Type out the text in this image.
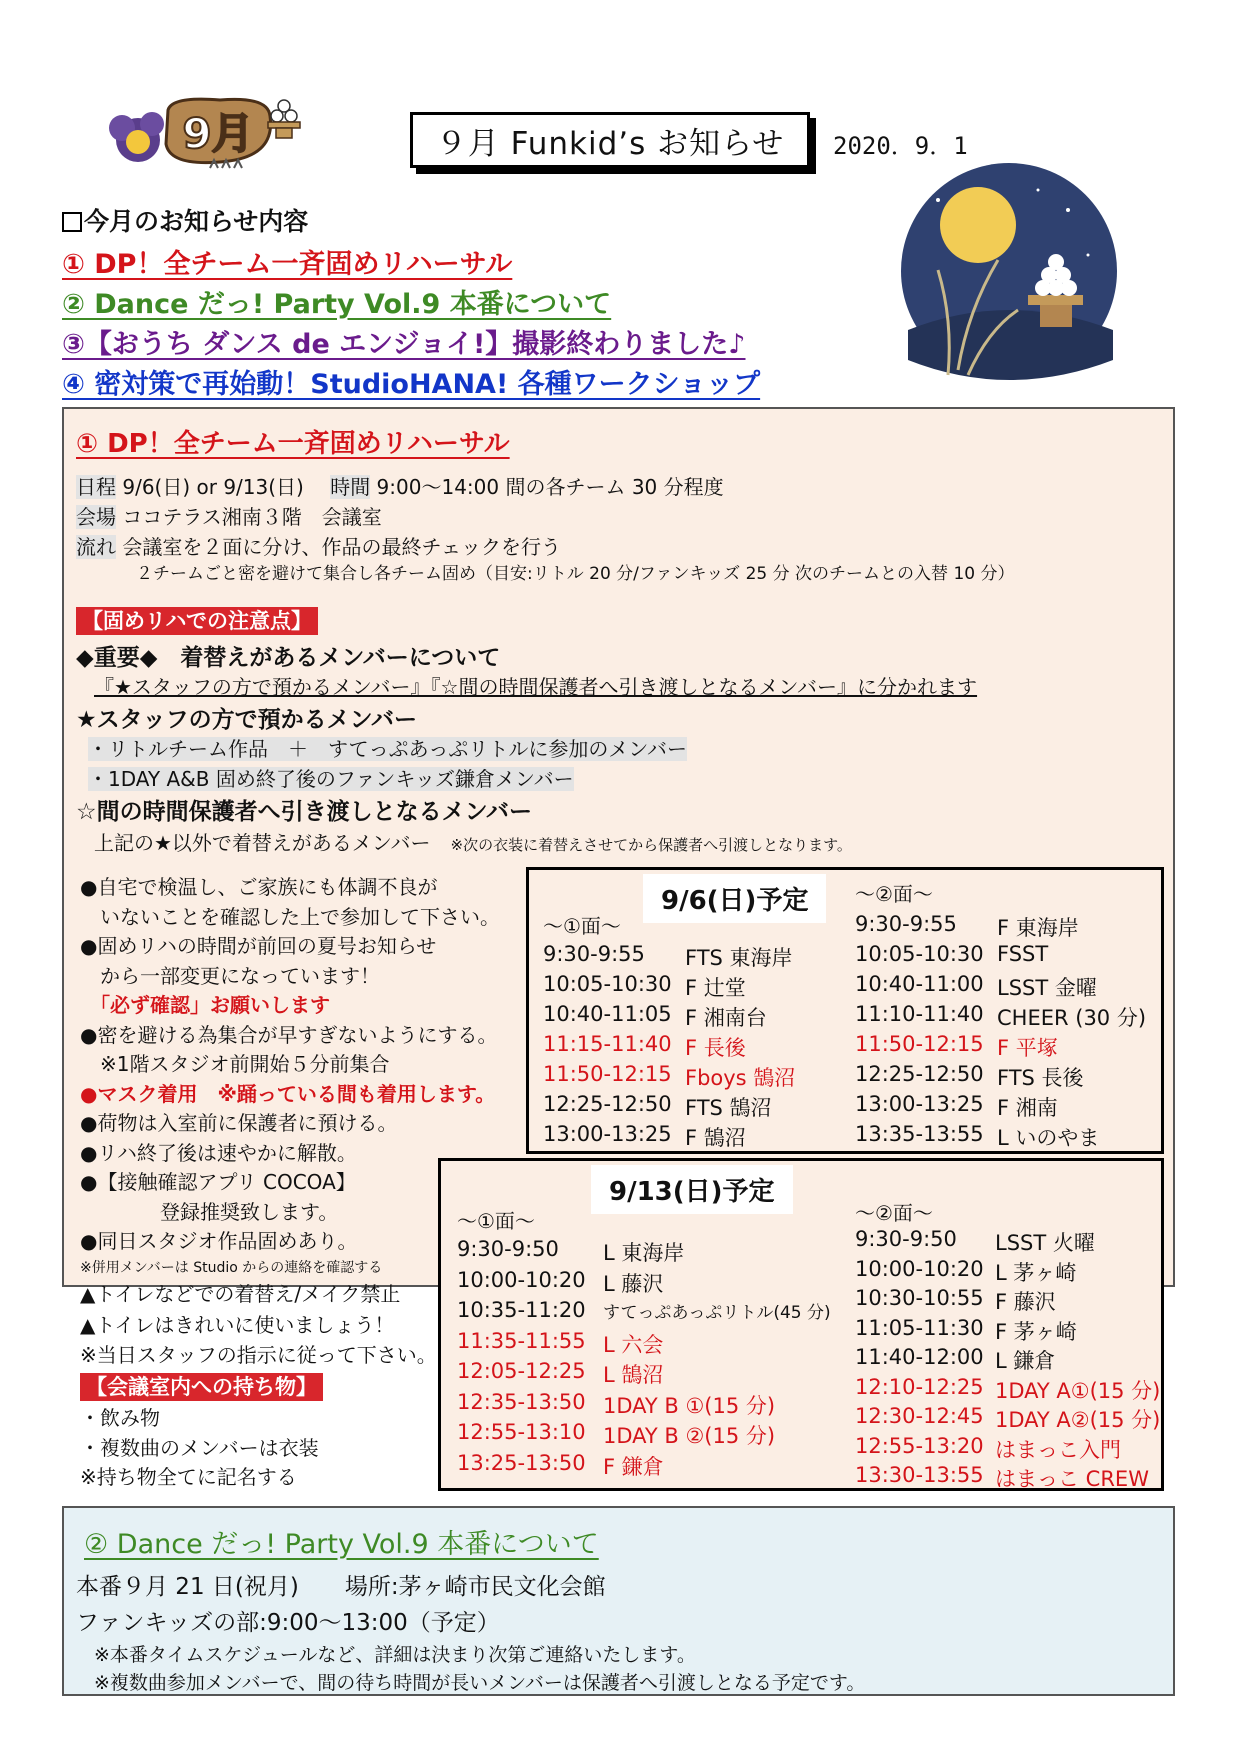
9月	９月 Funkid’s お知らせ	2020．9．1
今月のお知らせ内容
① DP！全チーム一斉固めリハーサル
② Dance だっ! Party Vol.9 本番について
③【おうち ダンス de エンジョイ!】撮影終わりました♪
④ 密対策で再始動！StudioHANA! 各種ワークショップ
① DP！全チーム一斉固めリハーサル
日程 9/6(日) or 9/13(日)　 時間 9:00～14:00 間の各チーム 30 分程度
会場 ココテラス湘南３階　会議室
流れ 会議室を２面に分け、作品の最終チェックを行う
２チームごと密を避けて集合し各チーム固め（目安:リトル 20 分/ファンキッズ 25 分 次のチームとの入替 10 分）
【固めリハでの注意点】
◆重要◆　着替えがあるメンバーについて
『★スタッフの方で預かるメンバー』『☆間の時間保護者へ引き渡しとなるメンバー』に分かれます
★スタッフの方で預かるメンバー
・リトルチーム作品　＋　すてっぷあっぷリトルに参加のメンバー
・1DAY A&B 固め終了後のファンキッズ鎌倉メンバー
☆間の時間保護者へ引き渡しとなるメンバー
上記の★以外で着替えがあるメンバー　 ※次の衣装に着替えさせてから保護者へ引渡しとなります。
●自宅で検温し、ご家族にも体調不良が
　いないことを確認した上で参加して下さい。
●固めリハの時間が前回の夏号お知らせ
　から一部変更になっています！
　「必ず確認」お願いします
●密を避ける為集合が早すぎないようにする。
　※1階スタジオ前開始５分前集合
●マスク着用　※踊っている間も着用します。
●荷物は入室前に保護者に預ける。
●リハ終了後は速やかに解散。
●【接触確認アプリ COCOA】
　　　　登録推奨致します。
●同日スタジオ作品固めあり。
※併用メンバーは Studio からの連絡を確認する
▲トイレなどでの着替え/メイク禁止
▲トイレはきれいに使いましょう！
※当日スタッフの指示に従って下さい。
【会議室内への持ち物】
・飲み物
・複数曲のメンバーは衣装
※持ち物全てに記名する
9/6(日)予定
～①面～
～②面～
9:30-9:55	FTS 東海岸
10:05-10:30 F 辻堂
10:40-11:05 F 湘南台
11:15-11:40 F 長後
11:50-12:15 Fboys 鵠沼
12:25-12:50 FTS 鵠沼
13:00-13:25 F 鵠沼
9:30-9:55	F 東海岸
10:05-10:30 FSST
10:40-11:00 LSST 金曜
11:10-11:40 CHEER (30 分)
11:50-12:15 F 平塚
12:25-12:50 FTS 長後
13:00-13:25 F 湘南
13:35-13:55 L いのやま
9/13(日)予定
～①面～	～②面～
9:30-9:50	L 東海岸
10:00-10:20 L 藤沢
10:35-11:20	すてっぷあっぷリトル(45 分)
11:35-11:55 L 六会
12:05-12:25 L 鵠沼
12:35-13:50 1DAY B ①(15 分)
12:55-13:10 1DAY B ②(15 分)
13:25-13:50 F 鎌倉
9:30-9:50	LSST 火曜
10:00-10:20 L 茅ヶ崎
10:30-10:55 F 藤沢
11:05-11:30 F 茅ヶ崎
11:40-12:00 L 鎌倉
12:10-12:25 1DAY A①(15 分)
12:30-12:45 1DAY A②(15 分)
12:55-13:20 はまっこ入門
13:30-13:55 はまっこ CREW
② Dance だっ! Party Vol.9 本番について
本番９月 21 日(祝月)　　場所:茅ヶ崎市民文化会館
ファンキッズの部:9:00～13:00（予定）
※本番タイムスケジュールなど、詳細は決まり次第ご連絡いたします。
※複数曲参加メンバーで、間の待ち時間が長いメンバーは保護者へ引渡しとなる予定です。
